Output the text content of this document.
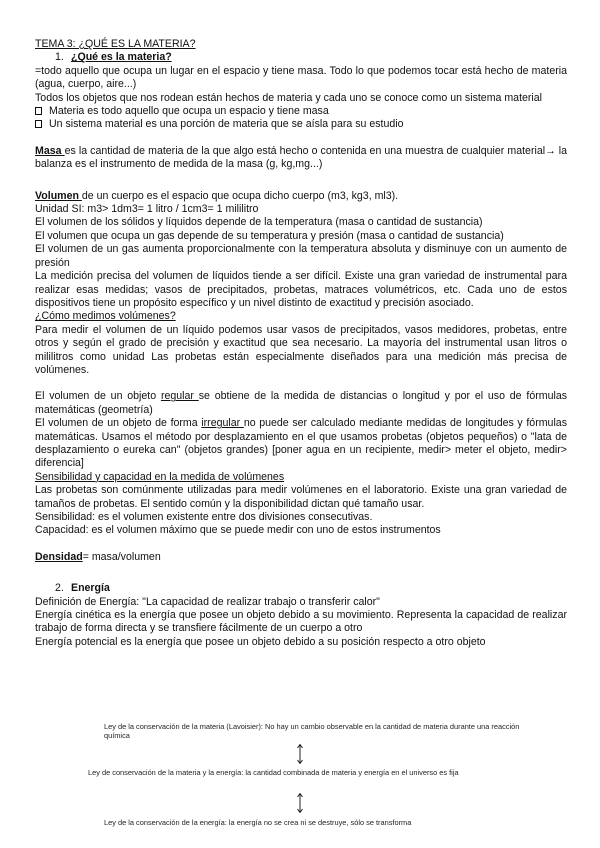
TEMA 3: ¿QUÉ ES LA MATERIA?

1. ¿Qué es la materia?

=todo aquello que ocupa un lugar en el espacio y tiene masa. Todo lo que podemos tocar está hecho de materia (agua, cuerpo, aire...)

Todos los objetos que nos rodean están hechos de materia y cada uno se conoce como un sistema material

Materia es todo aquello que ocupa un espacio y tiene masa

Un sistema material es una porción de materia que se aísla para su estudio

Masa es la cantidad de materia de la que algo está hecho o contenida en una muestra de cualquier material→ la balanza es el instrumento de medida de la masa (g, kg,mg...)

Volumen de un cuerpo es el espacio que ocupa dicho cuerpo (m3, kg3, ml3).

Unidad SI: m3> 1dm3= 1 litro / 1cm3= 1 mililitro

El volumen de los sólidos y líquidos depende de la temperatura (masa o cantidad de sustancia)

El volumen que ocupa un gas depende de su temperatura y presión (masa o cantidad de sustancia)

El volumen de un gas aumenta proporcionalmente con la temperatura absoluta y disminuye con un aumento de presión

La medición precisa del volumen de líquidos tiende a ser difícil. Existe una gran variedad de instrumental para realizar esas medidas; vasos de precipitados, probetas, matraces volumétricos, etc. Cada uno de estos dispositivos tiene un propósito específico y un nivel distinto de exactitud y precisión asociado.

¿Cómo medimos volúmenes?

Para medir el volumen de un líquido podemos usar vasos de precipitados, vasos medidores, probetas, entre otros y según el grado de precisión y exactitud que sea necesario. La mayoría del instrumental usan litros o mililitros como unidad Las probetas están especialmente diseñados para una medición más precisa de volúmenes.

El volumen de un objeto regular se obtiene de la medida de distancias o longitud y por el uso de fórmulas matemáticas (geometría)

El volumen de un objeto de forma irregular no puede ser calculado mediante medidas de longitudes y fórmulas matemáticas. Usamos el método por desplazamiento en el que usamos probetas (objetos pequeños) o "lata de desplazamiento o eureka can" (objetos grandes) [poner agua en un recipiente, medir> meter el objeto, medir> diferencia]

Sensibilidad y capacidad en la medida de volúmenes

Las probetas son comúnmente utilizadas para medir volúmenes en el laboratorio. Existe una gran variedad de tamaños de probetas. El sentido común y la disponibilidad dictan qué tamaño usar.

Sensibilidad: es el volumen existente entre dos divisiones consecutivas.

Capacidad: es el volumen máximo que se puede medir con uno de estos instrumentos

Densidad= masa/volumen

2. Energía

Definición de Energía: "La capacidad de realizar trabajo o transferir calor"

Energía cinética es la energía que posee un objeto debido a su movimiento. Representa la capacidad de realizar trabajo de forma directa y se transfiere fácilmente de un cuerpo a otro

Energía potencial es la energía que posee un objeto debido a su posición respecto a otro objeto

Ley de la conservación de la materia (Lavoisier): No hay un cambio observable en la cantidad de materia durante una reacción química
Ley de conservación de la materia y la energía: la cantidad combinada de materia y energía en el universo es fija
Ley de la conservación de la energía: la energía no se crea ni se destruye, sólo se transforma
